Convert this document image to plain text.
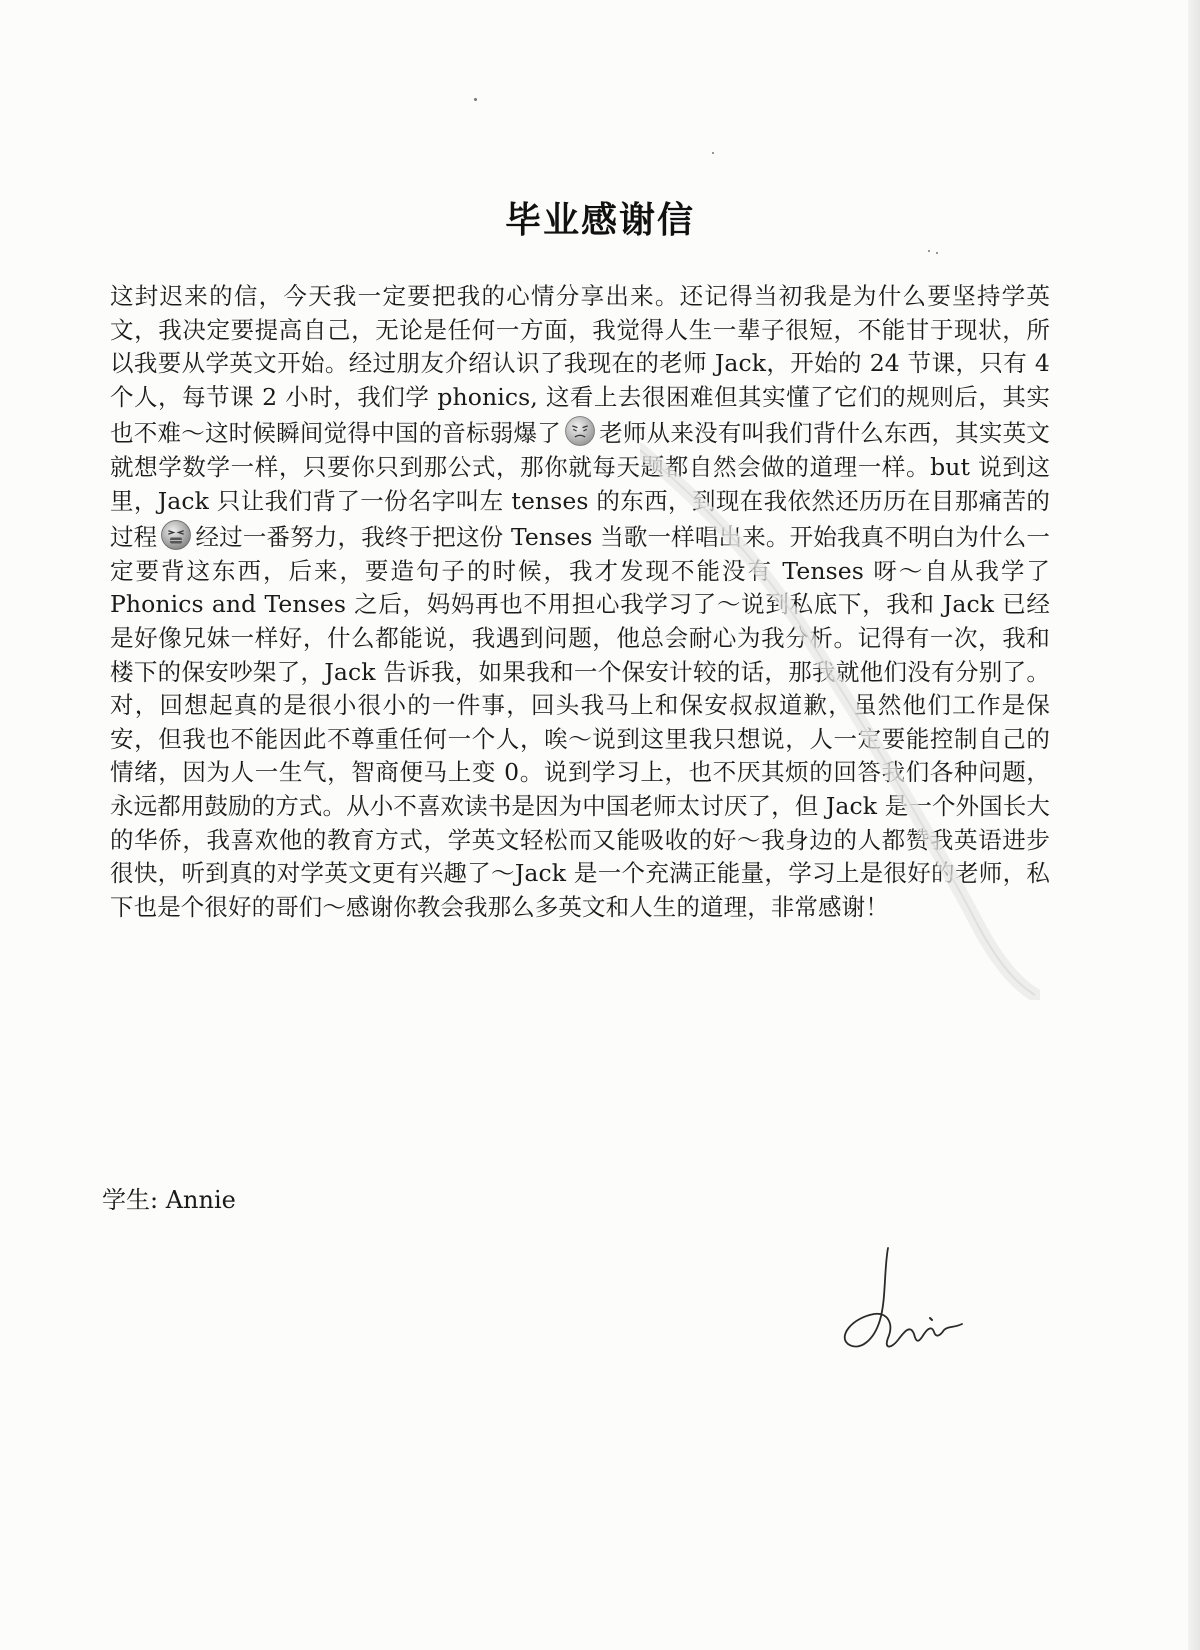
毕业感谢信

这封迟来的信，今天我一定要把我的心情分享出来。还记得当初我是为什么要坚持学英文，我决定要提高自己，无论是任何一方面，我觉得人生一辈子很短，不能甘于现状，所以我要从学英文开始。经过朋友介绍认识了我现在的老师 Jack，开始的 24 节课，只有 4 个人，每节课 2 小时，我们学 phonics, 这看上去很困难但其实懂了它们的规则后，其实也不难～这时候瞬间觉得中国的音标弱爆了 老师从来没有叫我们背什么东西，其实英文就想学数学一样，只要你只到那公式，那你就每天题都自然会做的道理一样。but 说到这里，Jack 只让我们背了一份名字叫左 tenses 的东西，到现在我依然还历历在目那痛苦的过程 经过一番努力，我终于把这份 Tenses 当歌一样唱出来。开始我真不明白为什么一定要背这东西，后来，要造句子的时候，我才发现不能没有 Tenses 呀～自从我学了 Phonics and Tenses 之后，妈妈再也不用担心我学习了～说到私底下，我和 Jack 已经是好像兄妹一样好，什么都能说，我遇到问题，他总会耐心为我分析。记得有一次，我和楼下的保安吵架了，Jack 告诉我，如果我和一个保安计较的话，那我就他们没有分别了。对，回想起真的是很小很小的一件事，回头我马上和保安叔叔道歉，虽然他们工作是保安，但我也不能因此不尊重任何一个人，唉～说到这里我只想说，人一定要能控制自己的情绪，因为人一生气，智商便马上变 0。说到学习上，也不厌其烦的回答我们各种问题，永远都用鼓励的方式。从小不喜欢读书是因为中国老师太讨厌了，但 Jack 是一个外国长大的华侨，我喜欢他的教育方式，学英文轻松而又能吸收的好～我身边的人都赞我英语进步很快，听到真的对学英文更有兴趣了～Jack 是一个充满正能量，学习上是很好的老师，私下也是个很好的哥们～感谢你教会我那么多英文和人生的道理，非常感谢！

学生: Annie
